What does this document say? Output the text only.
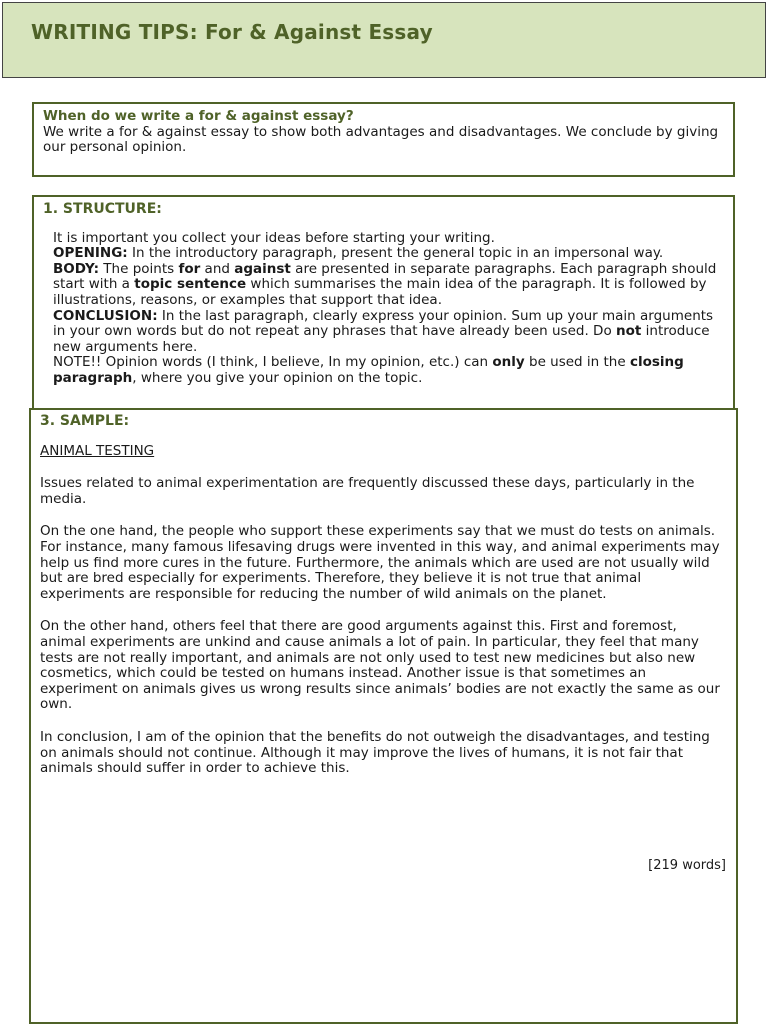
WRITING TIPS: For & Against Essay
When do we write a for & against essay?
We write a for & against essay to show both advantages and disadvantages. We conclude by giving our personal opinion.
1. STRUCTURE:

It is important you collect your ideas before starting your writing.

OPENING: In the introductory paragraph, present the general topic in an impersonal way.

BODY: The points for and against are presented in separate paragraphs. Each paragraph should start with a topic sentence which summarises the main idea of the paragraph. It is followed by illustrations, reasons, or examples that support that idea.

CONCLUSION: In the last paragraph, clearly express your opinion. Sum up your main arguments in your own words but do not repeat any phrases that have already been used. Do not introduce new arguments here.

NOTE!! Opinion words (I think, I believe, In my opinion, etc.) can only be used in the closing paragraph, where you give your opinion on the topic.

3. SAMPLE:

ANIMAL TESTING

Issues related to animal experimentation are frequently discussed these days, particularly in the media.

On the one hand, the people who support these experiments say that we must do tests on animals. For instance, many famous lifesaving drugs were invented in this way, and animal experiments may help us find more cures in the future. Furthermore, the animals which are used are not usually wild but are bred especially for experiments. Therefore, they believe it is not true that animal experiments are responsible for reducing the number of wild animals on the planet.

On the other hand, others feel that there are good arguments against this. First and foremost, animal experiments are unkind and cause animals a lot of pain. In particular, they feel that many tests are not really important, and animals are not only used to test new medicines but also new cosmetics, which could be tested on humans instead. Another issue is that sometimes an experiment on animals gives us wrong results since animals’ bodies are not exactly the same as our own.

In conclusion, I am of the opinion that the benefits do not outweigh the disadvantages, and testing on animals should not continue. Although it may improve the lives of humans, it is not fair that animals should suffer in order to achieve this.

[219 words]
